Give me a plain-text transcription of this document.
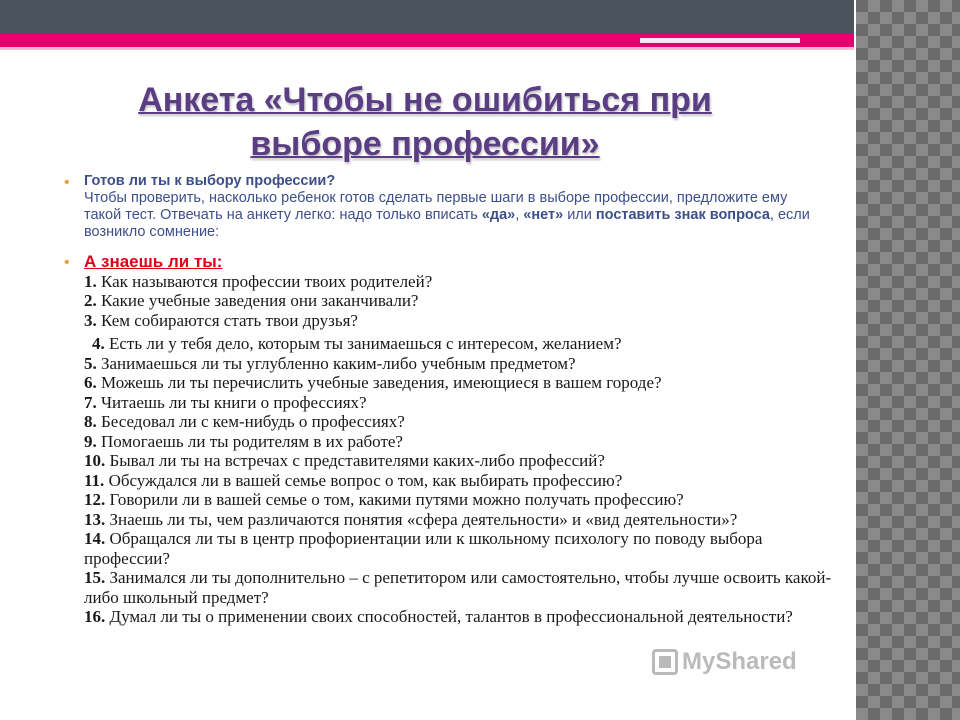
Анкета «Чтобы не ошибиться при
выборе профессии»
• Готов ли ты к выбору профессии?
Чтобы проверить, насколько ребенок готов сделать первые шаги в выборе профессии, предложите ему такой тест. Отвечать на анкету легко: надо только вписать «да», «нет» или поставить знак вопроса, если возникло сомнение:
• А знаешь ли ты:
1. Как называются профессии твоих родителей?
2. Какие учебные заведения они заканчивали?
3. Кем собираются стать твои друзья?
4. Есть ли у тебя дело, которым ты занимаешься с интересом, желанием?
5. Занимаешься ли ты углубленно каким-либо учебным предметом?
6. Можешь ли ты перечислить учебные заведения, имеющиеся в вашем городе?
7. Читаешь ли ты книги о профессиях?
8. Беседовал ли с кем-нибудь о профессиях?
9. Помогаешь ли ты родителям в их работе?
10. Бывал ли ты на встречах с представителями каких-либо профессий?
11. Обсуждался ли в вашей семье вопрос о том, как выбирать профессию?
12. Говорили ли в вашей семье о том, какими путями можно получать профессию?
13. Знаешь ли ты, чем различаются понятия «сфера деятельности» и «вид деятельности»?
14. Обращался ли ты в центр профориентации или к школьному психологу по поводу выбора профессии?
15. Занимался ли ты дополнительно – с репетитором или самостоятельно, чтобы лучше освоить какой-либо школьный предмет?
16. Думал ли ты о применении своих способностей, талантов в профессиональной деятельности?
MyShared
